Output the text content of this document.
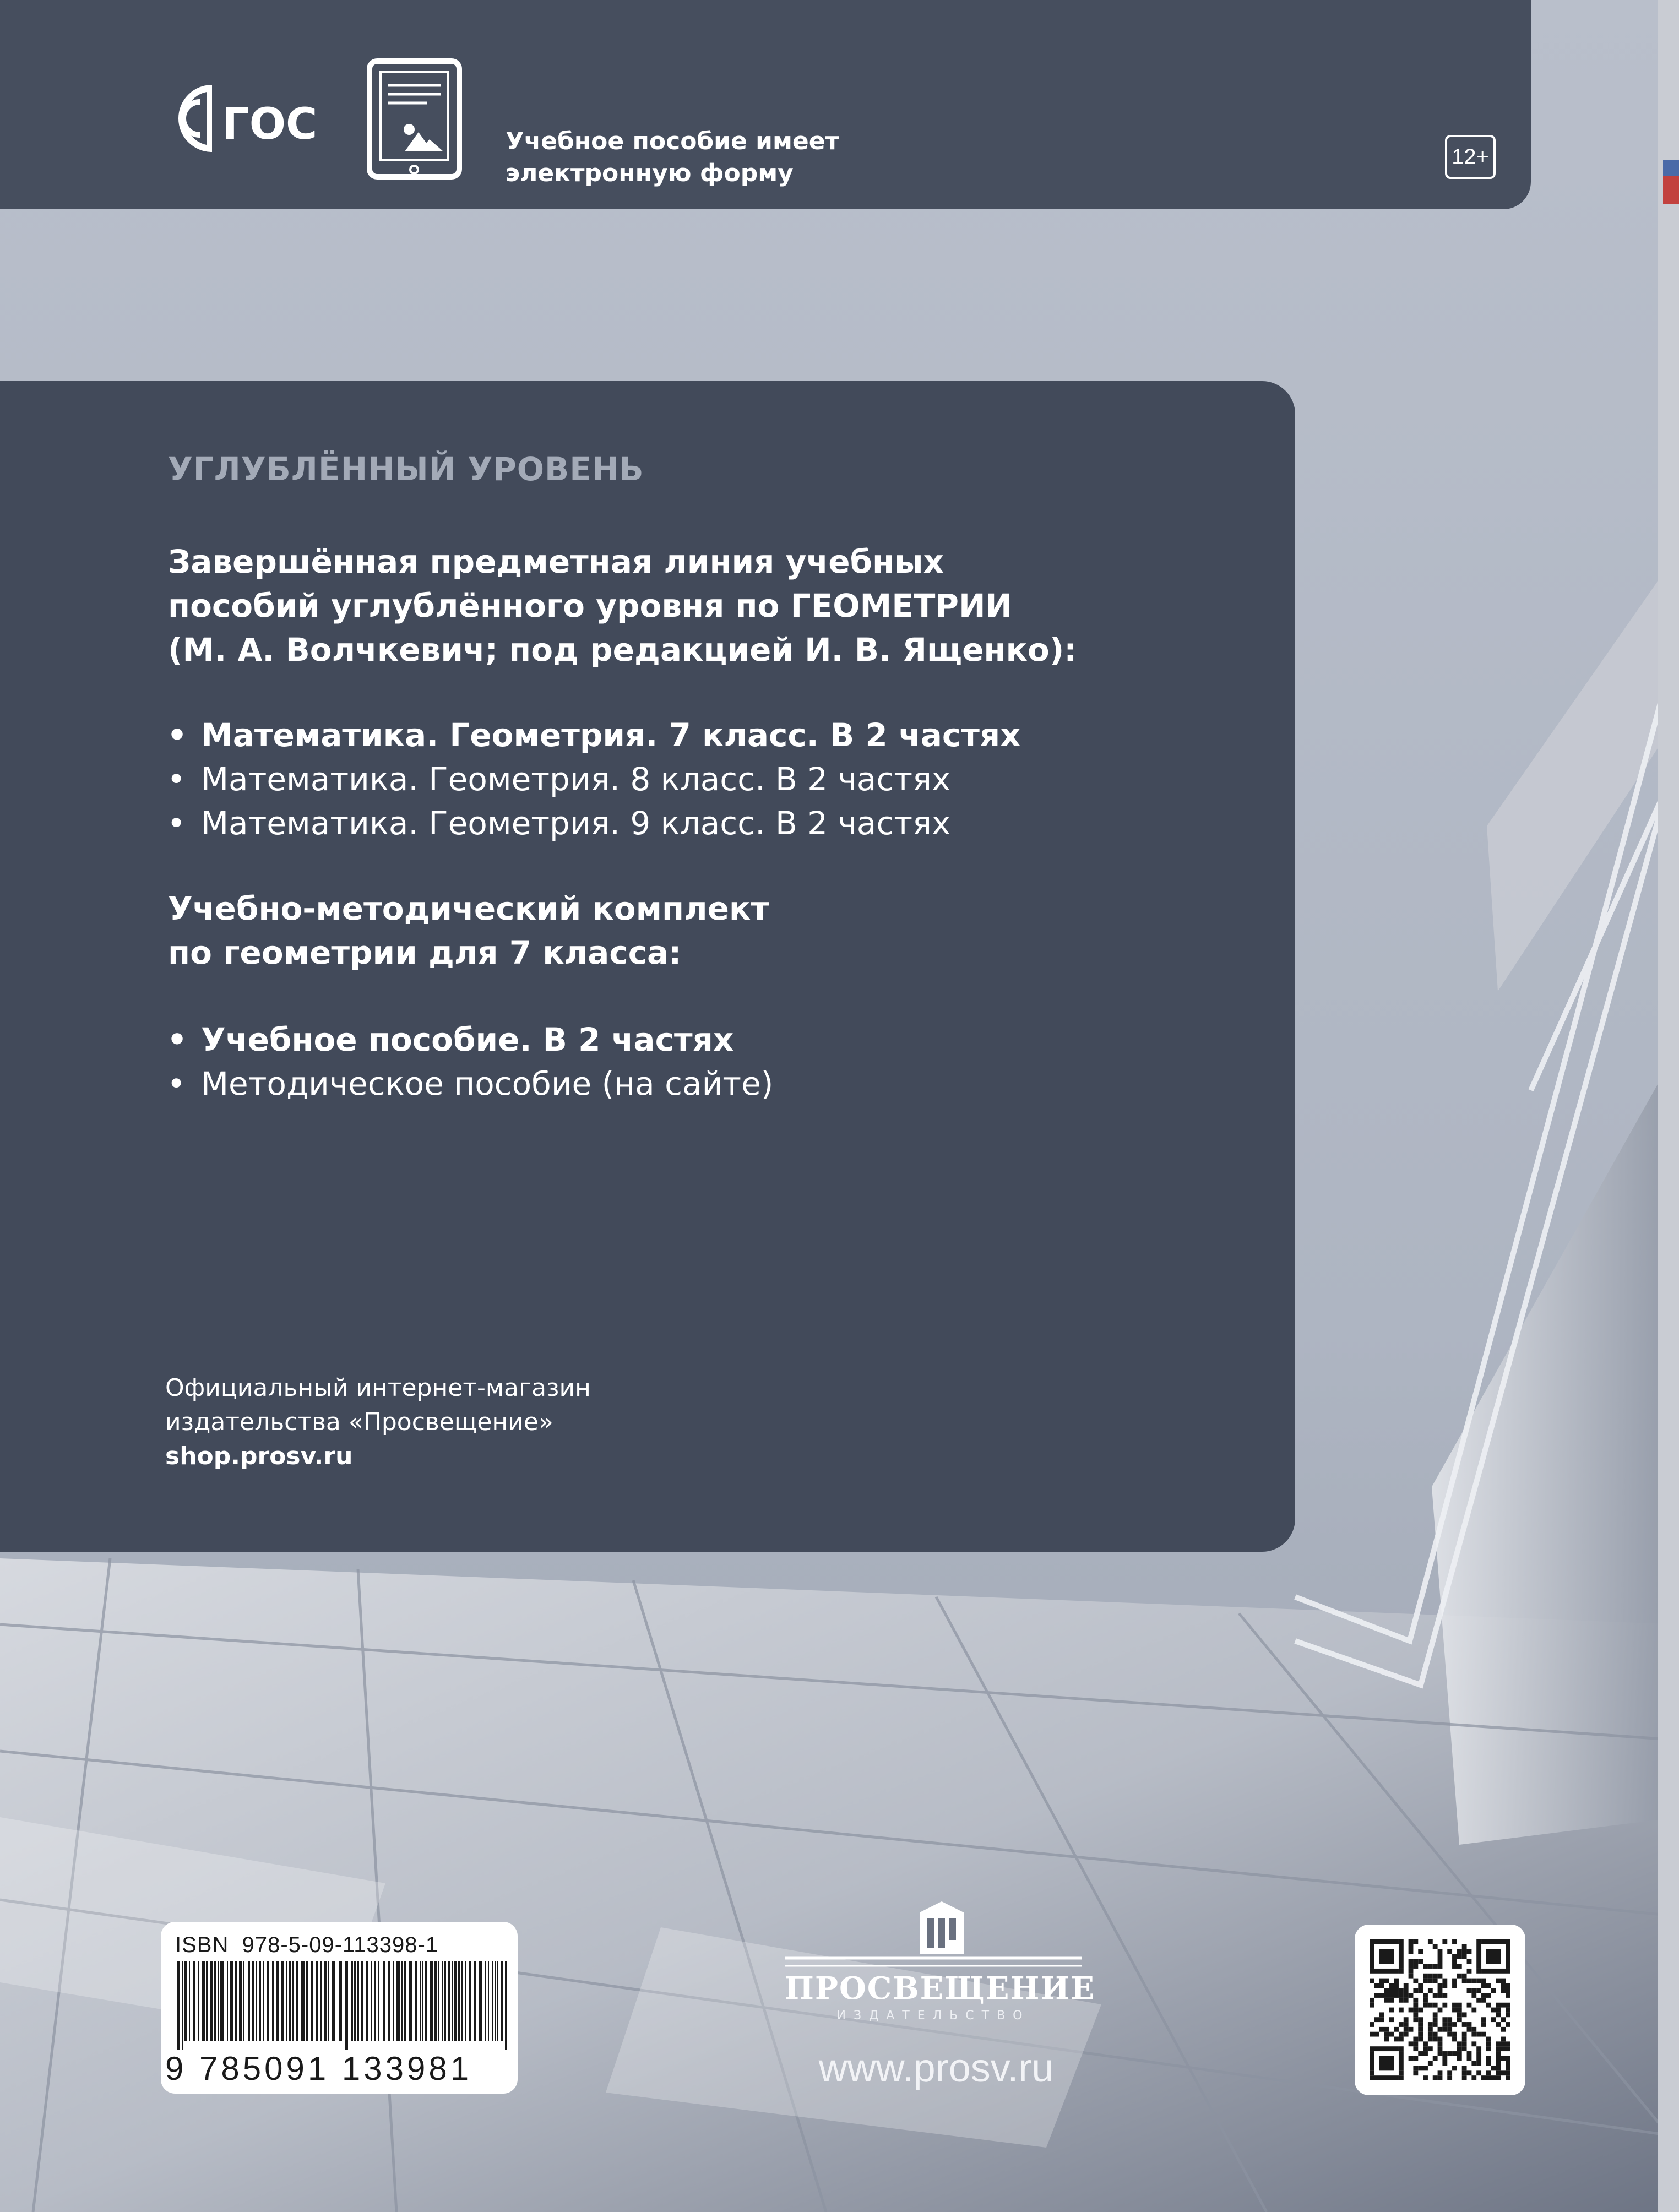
ГОС	Учебное пособие имеет
электронную форму
12+
УГЛУБЛЁННЫЙ УРОВЕНЬ
Завершённая предметная линия учебных
пособий углублённого уровня по ГЕОМЕТРИИ
(М. А. Волчкевич; под редакцией И. В. Ященко):
• Математика. Геометрия. 7 класс. В 2 частях
• Математика. Геометрия. 8 класс. В 2 частях
• Математика. Геометрия. 9 класс. В 2 частях
Учебно-методический комплект
по геометрии для 7 класса:
• Учебное пособие. В 2 частях
• Методическое пособие (на сайте)
Официальный интернет-магазин
издательства «Просвещение»
shop.prosv.ru
ISBN  978-5-09-113398-1
9 785091 133981
ПРОСВЕЩЕНИЕ
ИЗДАТЕЛЬСТВО
www.prosv.ru
